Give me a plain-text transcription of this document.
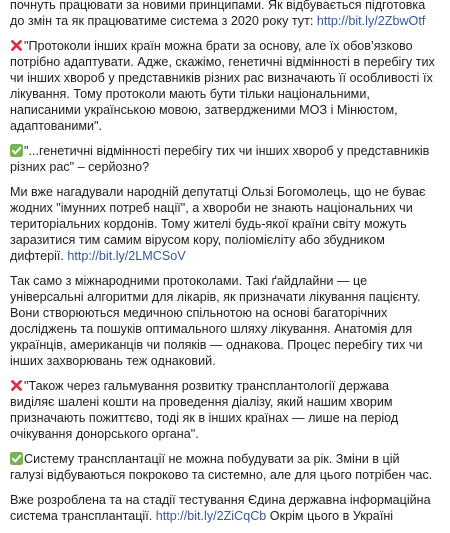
почнуть працювати за новими принципами. Як відбувається підготовка
до змін та як працюватиме система з 2020 року тут: http://bit.ly/2ZbwOtf
"Протоколи інших країн можна брати за основу, але їх обов’язково
потрібно адаптувати. Адже, скажімо, генетичні відмінності в перебігу тих
чи інших хвороб у представників різних рас визначають її особливості їх
лікування. Тому протоколи мають бути тільки національними,
написаними українською мовою, затвердженими МОЗ і Мінюстом,
адаптованими".
"...генетичні відмінності перебігу тих чи інших хвороб у представників
різних рас" – серйозно?
Ми вже нагадували народній депутатці Ользі Богомолець, що не буває
жодних "імунних потреб нації", а хвороби не знають національних чи
територіальних кордонів. Тому жителі будь-якої країни світу можуть
заразитися тим самим вірусом кору, поліомієліту або збудником
дифтерії. http://bit.ly/2LMCSoV
Так само з міжнародними протоколами. Такі ґайдлайни — це
універсальні алгоритми для лікарів, як призначати лікування пацієнту.
Вони створюються медичною спільнотою на основі багаторічних
досліджень та пошуків оптимального шляху лікування. Анатомія для
українців, американців чи поляків — однакова. Процес перебігу тих чи
інших захворювань теж однаковий.
"Також через гальмування розвитку трансплантології держава
виділяє шалені кошти на проведення діалізу, який нашим хворим
призначають пожиттєво, тоді як в інших країнах — лише на період
очікування донорського органа".
Систему трансплантації не можна побудувати за рік. Зміни в цій
галузі відбуваються покроково та системно, але для цього потрібен час.
Вже розроблена та на стадії тестування Єдина державна інформаційна
система трансплантації. http://bit.ly/2ZiCqCb Окрім цього в Україні
